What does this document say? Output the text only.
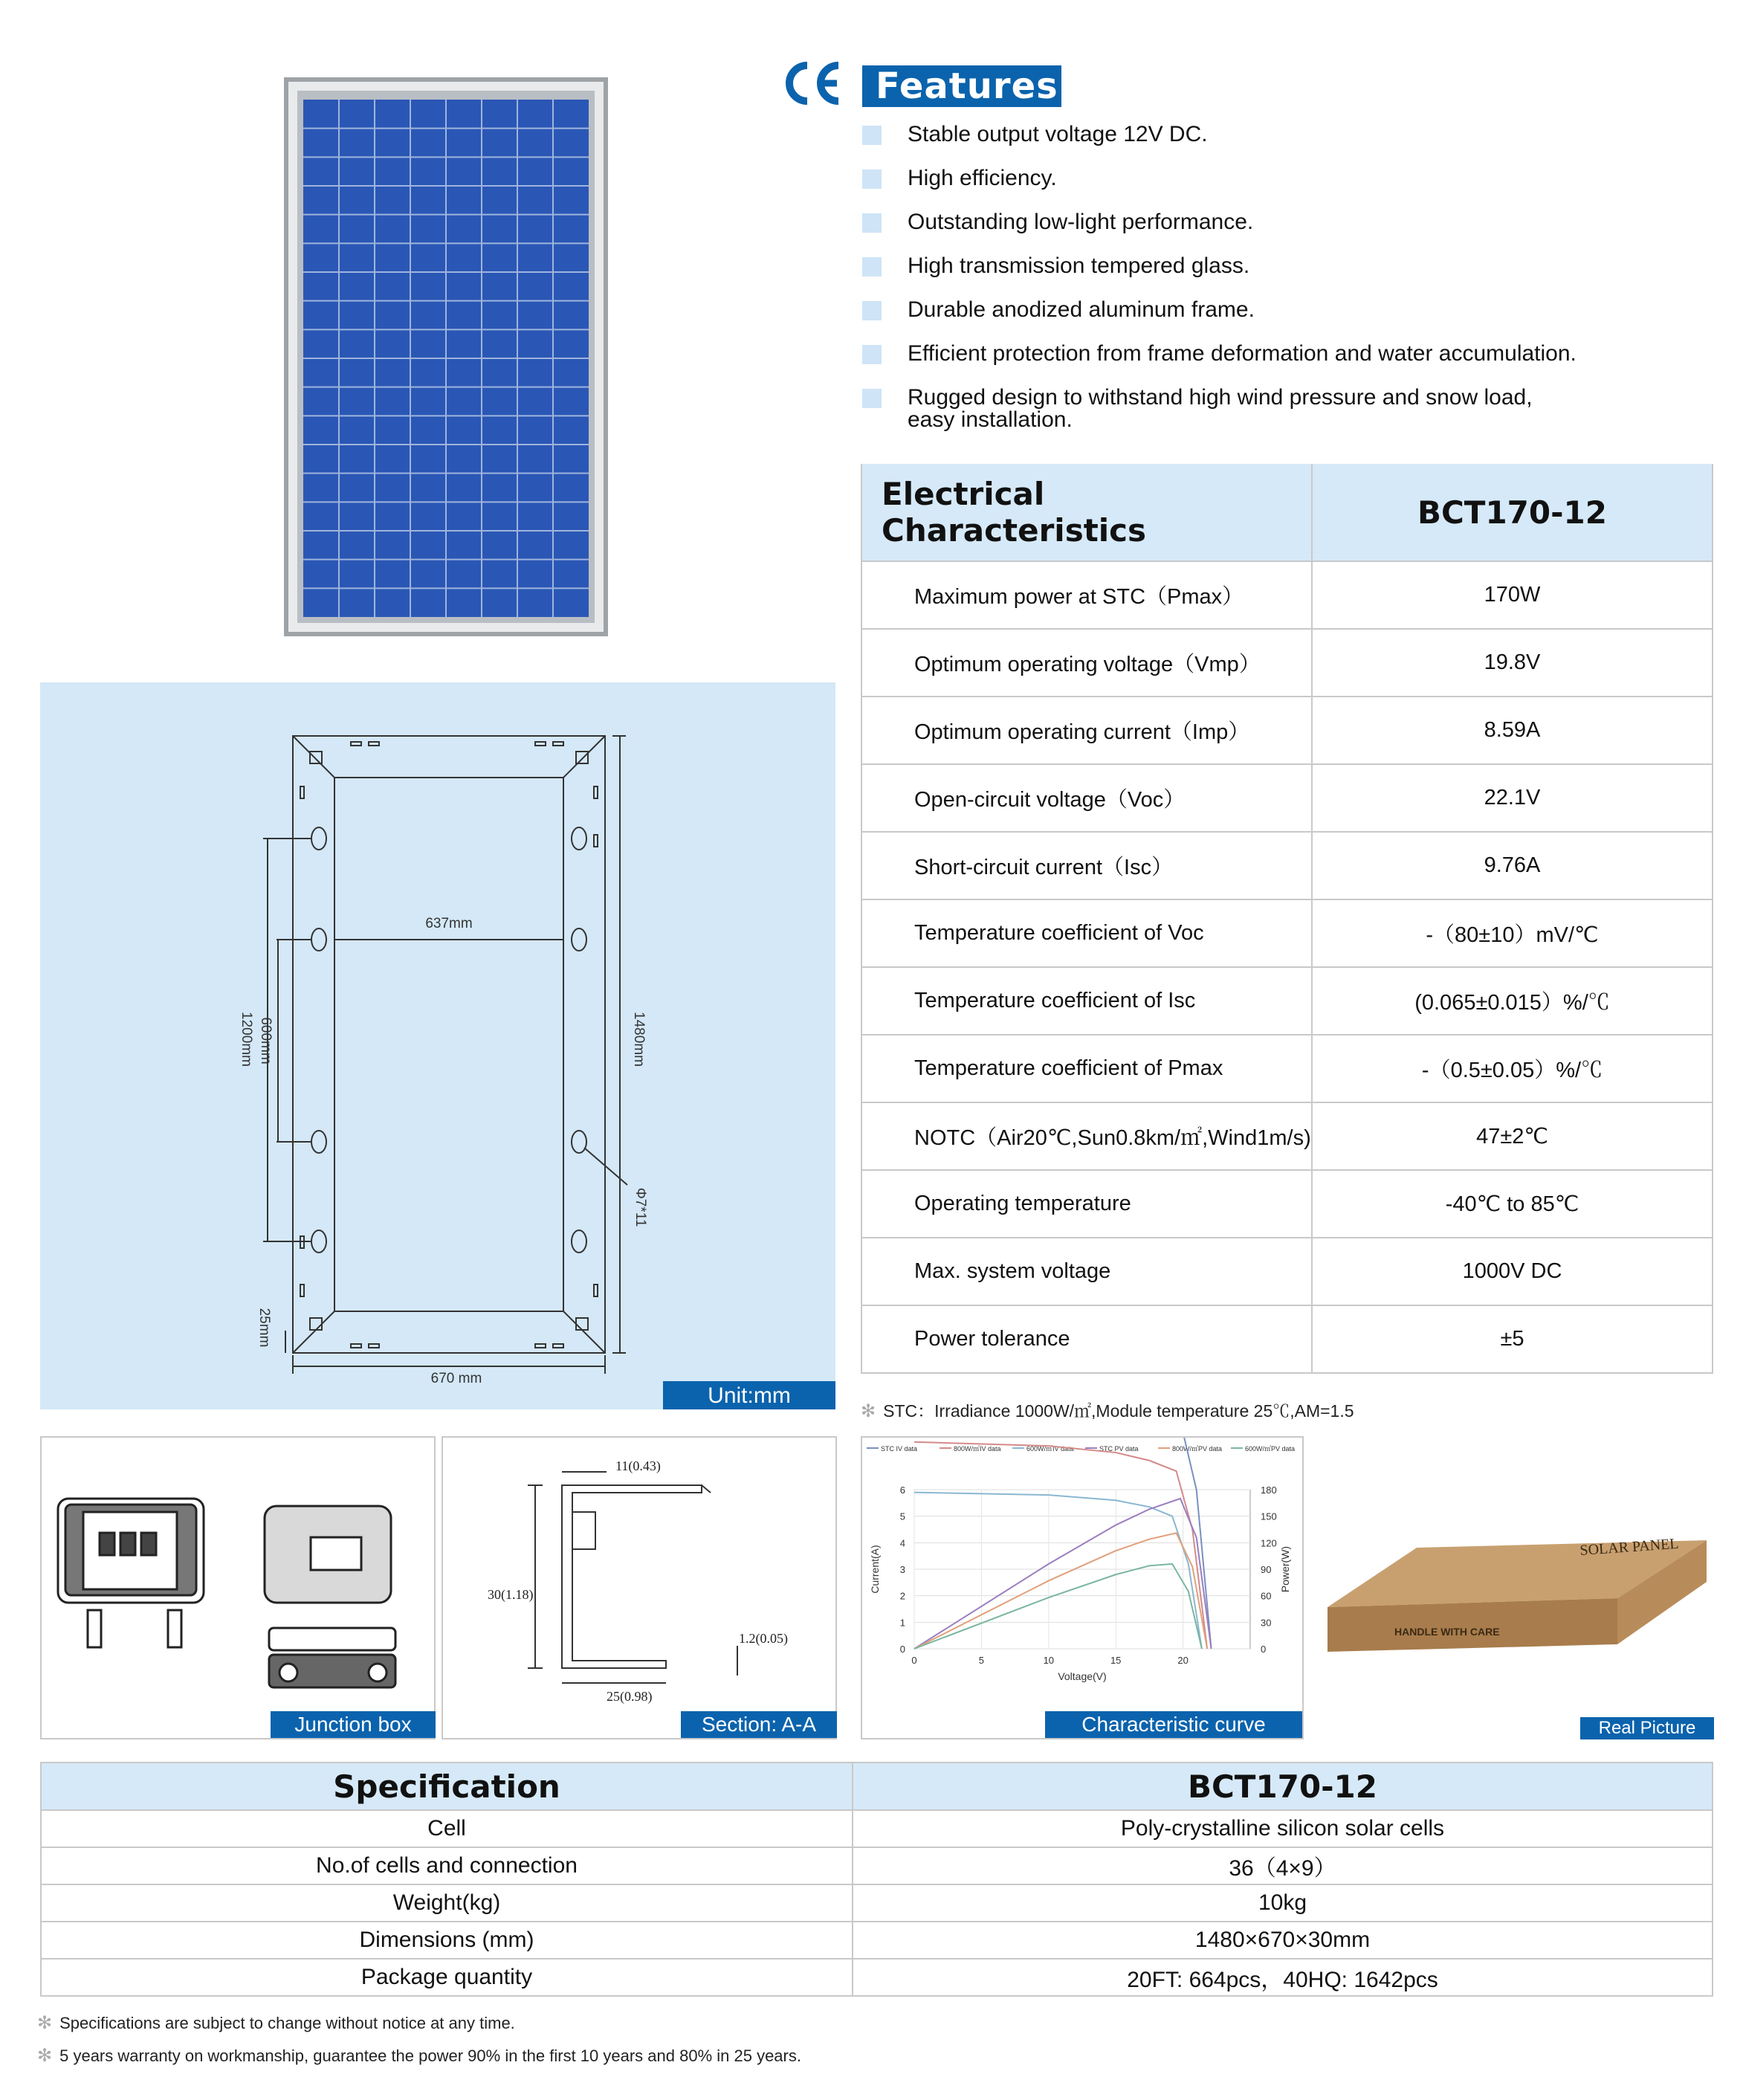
Features
Stable output voltage 12V DC.
High efficiency.
Outstanding low-light performance.
High transmission tempered glass.
Durable anodized aluminum frame.
Efficient protection from frame deformation and water accumulation.
Rugged design to withstand high wind pressure and snow load, easy installation.
Electrical Characteristics	BCT170-12
Maximum power at STC（Pmax）	170W
Optimum operating voltage（Vmp）	19.8V
Optimum operating current（Imp）	8.59A
Open-circuit voltage（Voc）	22.1V
Short-circuit current（Isc）	9.76A
Temperature coefficient of Voc	-（80±10）mV/℃
Temperature coefficient of Isc	(0.065±0.015）%/℃
Temperature coefficient of Pmax	-（0.5±0.05）%/℃
NOTC（Air20℃,Sun0.8km/㎡,Wind1m/s)	47±2℃
Operating temperature	-40℃ to 85℃
Max. system voltage	1000V DC
Power tolerance	±5
✻ STC：Irradiance 1000W/㎡,Module temperature 25℃,AM=1.5
637mm
670 mm
1480mm
1200mm 600mm
25mm
Φ7*11
Unit:mm
Junction box
11(0.43)
30(1.18)
1.2(0.05)
25(0.98)
Section: A-A
0
1
2
3
4
5
6
0
30
60
90
120
150
180
0	5	10	15	20
Voltage(V)
Current(A)	Power(W)
STC IV data	800W/㎡IV data	600W/㎡IV data	STC PV data	800W/㎡PV data	600W/㎡PV data
Characteristic curve
SOLAR PANEL
HANDLE WITH CARE
Real Picture
Specification	BCT170-12
Cell	Poly-crystalline silicon solar cells
No.of cells and connection	36（4×9）
Weight(kg)	10kg
Dimensions (mm)	1480×670×30mm
Package quantity	20FT: 664pcs，40HQ: 1642pcs
✻ Specifications are subject to change without notice at any time.
✻ 5 years warranty on workmanship, guarantee the power 90% in the first 10 years and 80% in 25 years.
